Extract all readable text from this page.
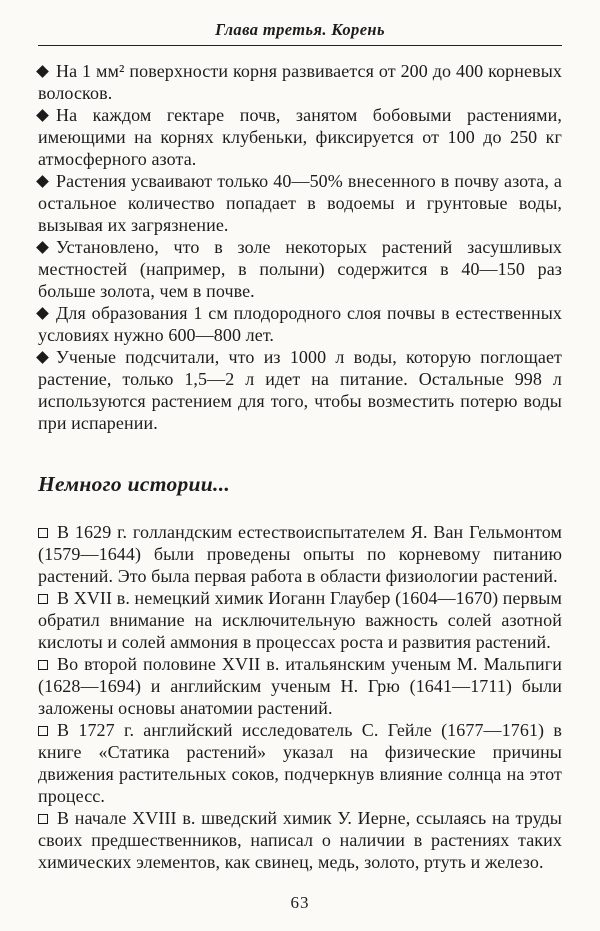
Глава третья. Корень

На 1 мм² поверхности корня развивается от 200 до 400 корневых волосков.

На каждом гектаре почв, занятом бобовыми растениями, имеющими на корнях клубеньки, фиксируется от 100 до 250 кг атмосферного азота.

Растения усваивают только 40—50% внесенного в почву азота, а остальное количество попадает в водоемы и грунтовые воды, вызывая их загрязнение.

Установлено, что в золе некоторых растений засушливых местностей (например, в полыни) содержится в 40—150 раз больше золота, чем в почве.

Для образования 1 см плодородного слоя почвы в естественных условиях нужно 600—800 лет.

Ученые подсчитали, что из 1000 л воды, которую поглощает растение, только 1,5—2 л идет на питание. Остальные 998 л используются растением для того, чтобы возместить потерю воды при испарении.

Немного истории...

В 1629 г. голландским естествоиспытателем Я. Ван Гельмонтом (1579—1644) были проведены опыты по корневому питанию растений. Это была первая работа в области физиологии растений.

В XVII в. немецкий химик Иоганн Глаубер (1604—1670) первым обратил внимание на исключительную важность солей азотной кислоты и солей аммония в процессах роста и развития растений.

Во второй половине XVII в. итальянским ученым М. Мальпиги (1628—1694) и английским ученым Н. Грю (1641—1711) были заложены основы анатомии растений.

В 1727 г. английский исследователь С. Гейле (1677—1761) в книге «Статика растений» указал на физические причины движения растительных соков, подчеркнув влияние солнца на этот процесс.

В начале XVIII в. шведский химик У. Иерне, ссылаясь на труды своих предшественников, написал о наличии в растениях таких химических элементов, как свинец, медь, золото, ртуть и железо.

63
